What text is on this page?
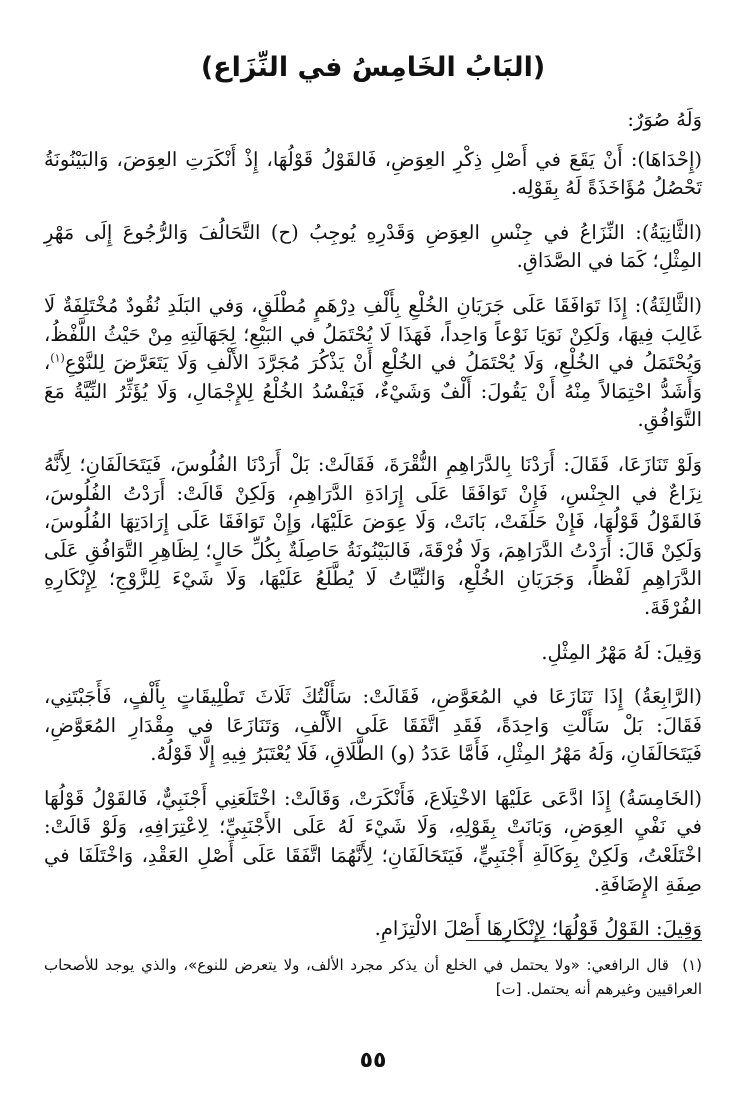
(البَابُ الخَامِسُ في النِّزَاع)

وَلَهُ صُوَرٌ:

(إِحْدَاهَا): أَنْ يَقَعَ في أَصْلِ ذِكْرِ العِوَضِ، فَالقَوْلُ قَوْلُهَا، إِذْ أَنْكَرَتِ العِوَضَ، وَالبَيْنُونَةُ تَحْصُلُ مُؤَاخَذَةً لَهُ بِقَوْلِه.

(الثَّانِيَةُ): النِّزَاعُ في جِنْسِ العِوَضِ وَقَدْرِهِ يُوجِبُ (ح) التَّحَالُفَ وَالرُّجُوعَ إِلَى مَهْرِ المِثْلِ؛ كَمَا في الصَّدَاقِ.

(الثَّالِثَةُ): إِذَا تَوَافَقَا عَلَى جَرَيَانِ الخُلْعِ بِأَلْفِ دِرْهَمٍ مُطْلَقٍ، وَفي البَلَدِ نُقُودٌ مُخْتَلِفَةٌ لَا غَالِبَ فِيهَا، وَلَكِنْ نَوَيَا نَوْعاً وَاحِداً، فَهَذَا لَا يُحْتَمَلُ في البَيْعِ؛ لِجَهَالَتِهِ مِنْ حَيْثُ اللَّفْظُ، وَيُحْتَمَلُ في الخُلْعِ، وَلَا يُحْتَمَلُ في الخُلْعِ أَنْ يَذْكُرَ مُجَرَّدَ الأَلْفِ وَلَا يَتَعَرَّضَ لِلنَّوْعِ$^{(١)}$، وَأَشَدُّ احْتِمَالاً مِنْهُ أَنْ يَقُولَ: أَلْفٌ وَشَيْءٌ، فَيَفْسُدُ الخُلْعُ لِلإِجْمَالِ، وَلَا يُؤَثِّرُ النِّيَّةُ مَعَ التَّوَافُقِ.

وَلَوْ تَنَازَعَا، فَقَالَ: أَرَدْنَا بِالدَّرَاهِمِ النُّقْرَةَ، فَقَالَتْ: بَلْ أَرَدْنَا الفُلُوسَ، فَيَتَحَالَفَانِ؛ لِأَنَّهُ نِزَاعٌ في الجِنْسِ، فَإِنْ تَوَافَقَا عَلَى إِرَادَةِ الدَّرَاهِمِ، وَلَكِنْ قَالَتْ: أَرَدْتُ الفُلُوسَ، فَالقَوْلُ قَوْلُهَا، فَإِنْ حَلَفَتْ، بَانَتْ، وَلَا عِوَضَ عَلَيْهَا، وَإِنْ تَوَافَقَا عَلَى إِرَادَتِهَا الفُلُوسَ، وَلَكِنْ قَالَ: أَرَدْتُ الدَّرَاهِمَ، وَلَا فُرْقَةَ، فَالبَيْنُونَةُ حَاصِلَةٌ بِكُلِّ حَالٍ؛ لِظَاهِرِ التَّوَافُقِ عَلَى الدَّرَاهِمِ لَفْظاً، وَجَرَيَانِ الخُلْعِ، وَالنِّيَّاتُ لَا يُطَّلَعُ عَلَيْهَا، وَلَا شَيْءَ لِلزَّوْجِ؛ لِإِنْكَارِهِ الفُرْقَةَ.

وَقِيلَ: لَهُ مَهْرُ المِثْلِ.

(الرَّابِعَةُ) إِذَا تَنَازَعَا في المُعَوَّضِ، فَقَالَتْ: سَأَلْتُكَ ثَلَاثَ تَطْلِيقَاتٍ بِأَلْفٍ، فَأَجَبْتَنِي، فَقَالَ: بَلْ سَأَلْتِ وَاحِدَةً، فَقَدِ اتَّفَقَا عَلَى الأَلْفِ، وَتَنَازَعَا في مِقْدَارِ المُعَوَّضِ، فَيَتَحَالَفَانِ، وَلَهُ مَهْرُ المِثْلِ، فَأَمَّا عَدَدُ (و) الطَّلَاقِ، فَلَا يُعْتَبَرُ فِيهِ إِلَّا قَوْلُهُ.

(الخَامِسَةُ) إِذَا ادَّعَى عَلَيْهَا الاخْتِلَاعَ، فَأَنْكَرَتْ، وَقَالَتْ: اخْتَلَعَنِي أَجْنَبِيٌّ، فَالقَوْلُ قَوْلُهَا في نَفْيِ العِوَضِ، وَبَانَتْ بِقَوْلِهِ، وَلَا شَيْءَ لَهُ عَلَى الأَجْنَبِيِّ؛ لِاعْتِرَافِهِ، وَلَوْ قَالَتْ: اخْتَلَعْتُ، وَلَكِنْ بِوَكَالَةِ أَجْنَبِيٍّ، فَيَتَحَالَفَانِ؛ لِأَنَّهُمَا اتَّفَقَا عَلَى أَصْلِ العَقْدِ، وَاخْتَلَفَا في صِفَةِ الإِضَافَةِ.

وَقِيلَ: القَوْلُ قَوْلُهَا؛ لِإِنْكَارِهَا أَصْلَ الالْتِزَامِ.

(١)  قال الرافعي: «ولا يحتمل في الخلع أن يذكر مجرد الألف، ولا يتعرض للنوع»، والذي يوجد للأصحاب العراقيين وغيرهم أنه يحتمل. [ت]

٥٥
